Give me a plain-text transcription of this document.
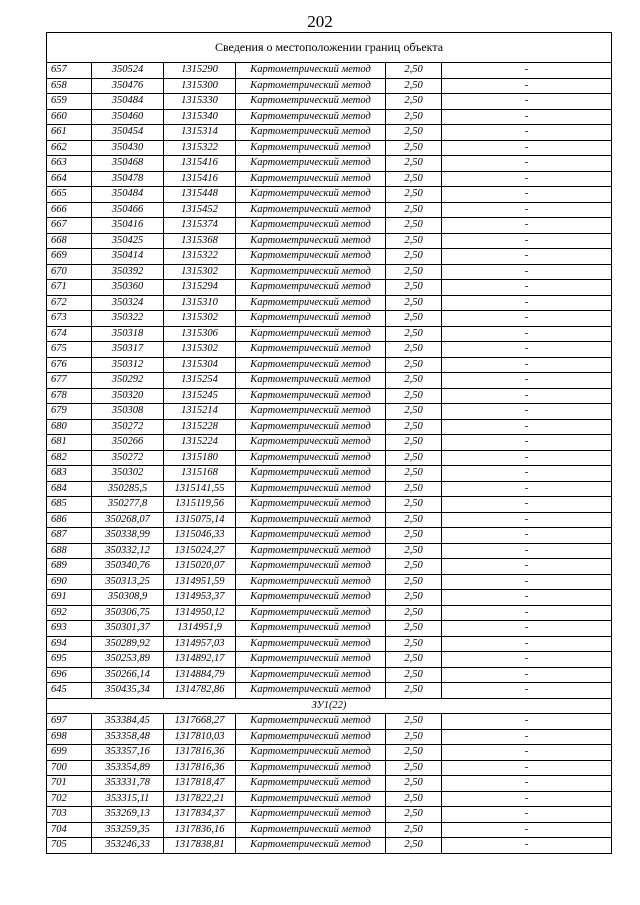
202
Сведения о местоположении границ объекта					
657	350524	1315290	Картометрический метод	2,50	-
658	350476	1315300	Картометрический метод	2,50	-
659	350484	1315330	Картометрический метод	2,50	-
660	350460	1315340	Картометрический метод	2,50	-
661	350454	1315314	Картометрический метод	2,50	-
662	350430	1315322	Картометрический метод	2,50	-
663	350468	1315416	Картометрический метод	2,50	-
664	350478	1315416	Картометрический метод	2,50	-
665	350484	1315448	Картометрический метод	2,50	-
666	350466	1315452	Картометрический метод	2,50	-
667	350416	1315374	Картометрический метод	2,50	-
668	350425	1315368	Картометрический метод	2,50	-
669	350414	1315322	Картометрический метод	2,50	-
670	350392	1315302	Картометрический метод	2,50	-
671	350360	1315294	Картометрический метод	2,50	-
672	350324	1315310	Картометрический метод	2,50	-
673	350322	1315302	Картометрический метод	2,50	-
674	350318	1315306	Картометрический метод	2,50	-
675	350317	1315302	Картометрический метод	2,50	-
676	350312	1315304	Картометрический метод	2,50	-
677	350292	1315254	Картометрический метод	2,50	-
678	350320	1315245	Картометрический метод	2,50	-
679	350308	1315214	Картометрический метод	2,50	-
680	350272	1315228	Картометрический метод	2,50	-
681	350266	1315224	Картометрический метод	2,50	-
682	350272	1315180	Картометрический метод	2,50	-
683	350302	1315168	Картометрический метод	2,50	-
684	350285,5	1315141,55	Картометрический метод	2,50	-
685	350277,8	1315119,56	Картометрический метод	2,50	-
686	350268,07	1315075,14	Картометрический метод	2,50	-
687	350338,99	1315046,33	Картометрический метод	2,50	-
688	350332,12	1315024,27	Картометрический метод	2,50	-
689	350340,76	1315020,07	Картометрический метод	2,50	-
690	350313,25	1314951,59	Картометрический метод	2,50	-
691	350308,9	1314953,37	Картометрический метод	2,50	-
692	350306,75	1314950,12	Картометрический метод	2,50	-
693	350301,37	1314951,9	Картометрический метод	2,50	-
694	350289,92	1314957,03	Картометрический метод	2,50	-
695	350253,89	1314892,17	Картометрический метод	2,50	-
696	350266,14	1314884,79	Картометрический метод	2,50	-
645	350435,34	1314782,86	Картометрический метод	2,50	-
ЗУ1(22)					
697	353384,45	1317668,27	Картометрический метод	2,50	-
698	353358,48	1317810,03	Картометрический метод	2,50	-
699	353357,16	1317816,36	Картометрический метод	2,50	-
700	353354,89	1317816,36	Картометрический метод	2,50	-
701	353331,78	1317818,47	Картометрический метод	2,50	-
702	353315,11	1317822,21	Картометрический метод	2,50	-
703	353269,13	1317834,37	Картометрический метод	2,50	-
704	353259,35	1317836,16	Картометрический метод	2,50	-
705	353246,33	1317838,81	Картометрический метод	2,50	-
